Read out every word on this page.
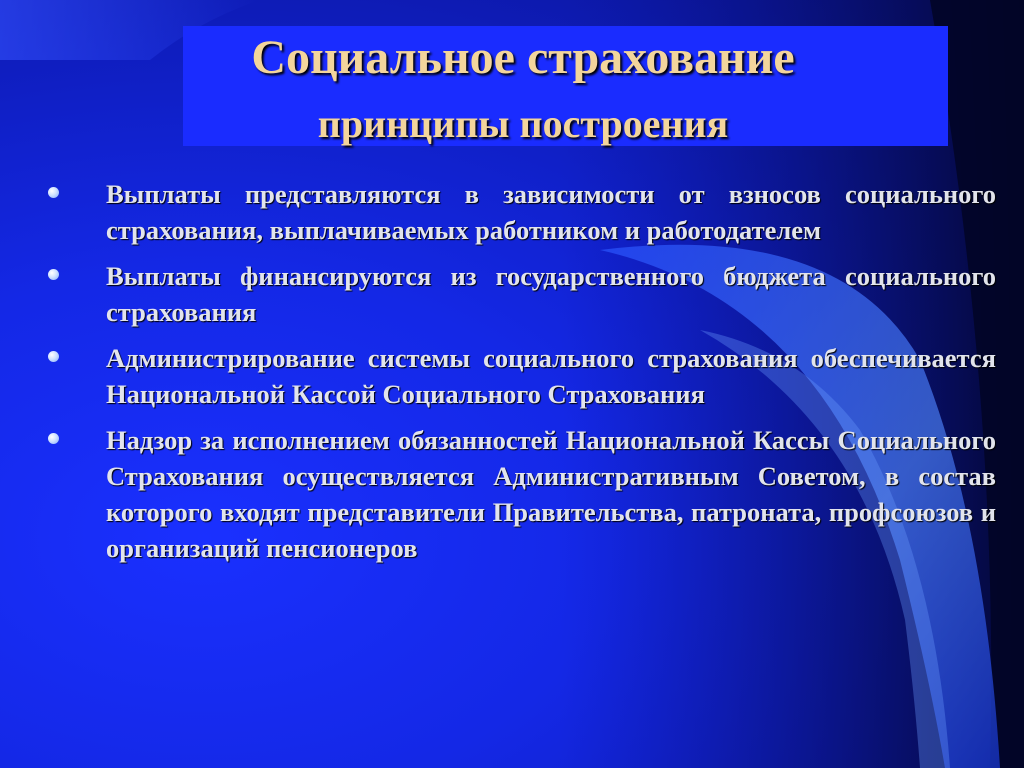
Социальное страхование
принципы построения
Выплаты представляются в зависимости от взносов социального страхования, выплачиваемых работником и работодателем
Выплаты финансируются из государственного бюджета социального страхования
Администрирование системы социального страхования обеспечивается Национальной Кассой Социального Страхования
Надзор за исполнением обязанностей Национальной Кассы Социального Страхования осуществляется Административным Советом, в состав которого входят представители Правительства, патроната, профсоюзов и организаций пенсионеров
